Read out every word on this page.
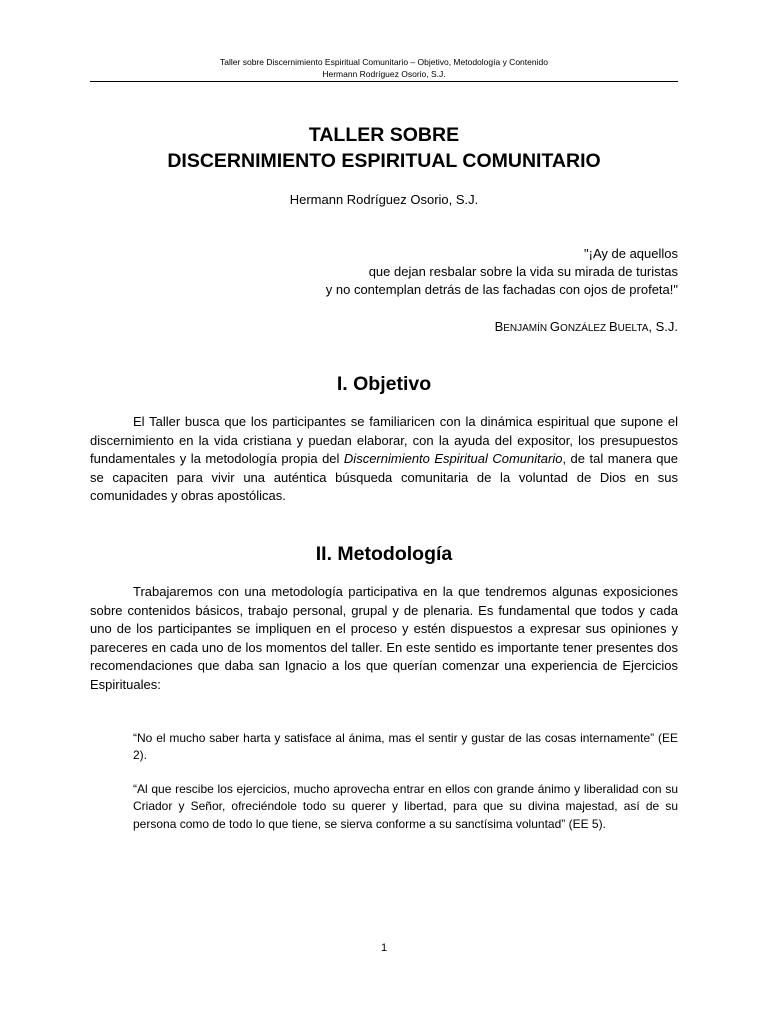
Taller sobre Discernimiento Espiritual Comunitario – Objetivo, Metodología y Contenido
Hermann Rodríguez Osorio, S.J.
TALLER SOBRE
DISCERNIMIENTO ESPIRITUAL COMUNITARIO
Hermann Rodríguez Osorio, S.J.
"¡Ay de aquellos
que dejan resbalar sobre la vida su mirada de turistas
y no contemplan detrás de las fachadas con ojos de profeta!"
BENJAMÍN GONZÁLEZ BUELTA, S.J.
I. Objetivo

El Taller busca que los participantes se familiaricen con la dinámica espiritual que supone el discernimiento en la vida cristiana y puedan elaborar, con la ayuda del expositor, los presupuestos fundamentales y la metodología propia del Discernimiento Espiritual Comunitario, de tal manera que se capaciten para vivir una auténtica búsqueda comunitaria de la voluntad de Dios en sus comunidades y obras apostólicas.

II. Metodología

Trabajaremos con una metodología participativa en la que tendremos algunas exposiciones sobre contenidos básicos, trabajo personal, grupal y de plenaria. Es fundamental que todos y cada uno de los participantes se impliquen en el proceso y estén dispuestos a expresar sus opiniones y pareceres en cada uno de los momentos del taller. En este sentido es importante tener presentes dos recomendaciones que daba san Ignacio a los que querían comenzar una experiencia de Ejercicios Espirituales:

“No el mucho saber harta y satisface al ánima, mas el sentir y gustar de las cosas internamente” (EE 2).

“Al que rescibe los ejercicios, mucho aprovecha entrar en ellos con grande ánimo y liberalidad con su Criador y Señor, ofreciéndole todo su querer y libertad, para que su divina majestad, así de su persona como de todo lo que tiene, se sierva conforme a su sanctísima voluntad” (EE 5).

1
